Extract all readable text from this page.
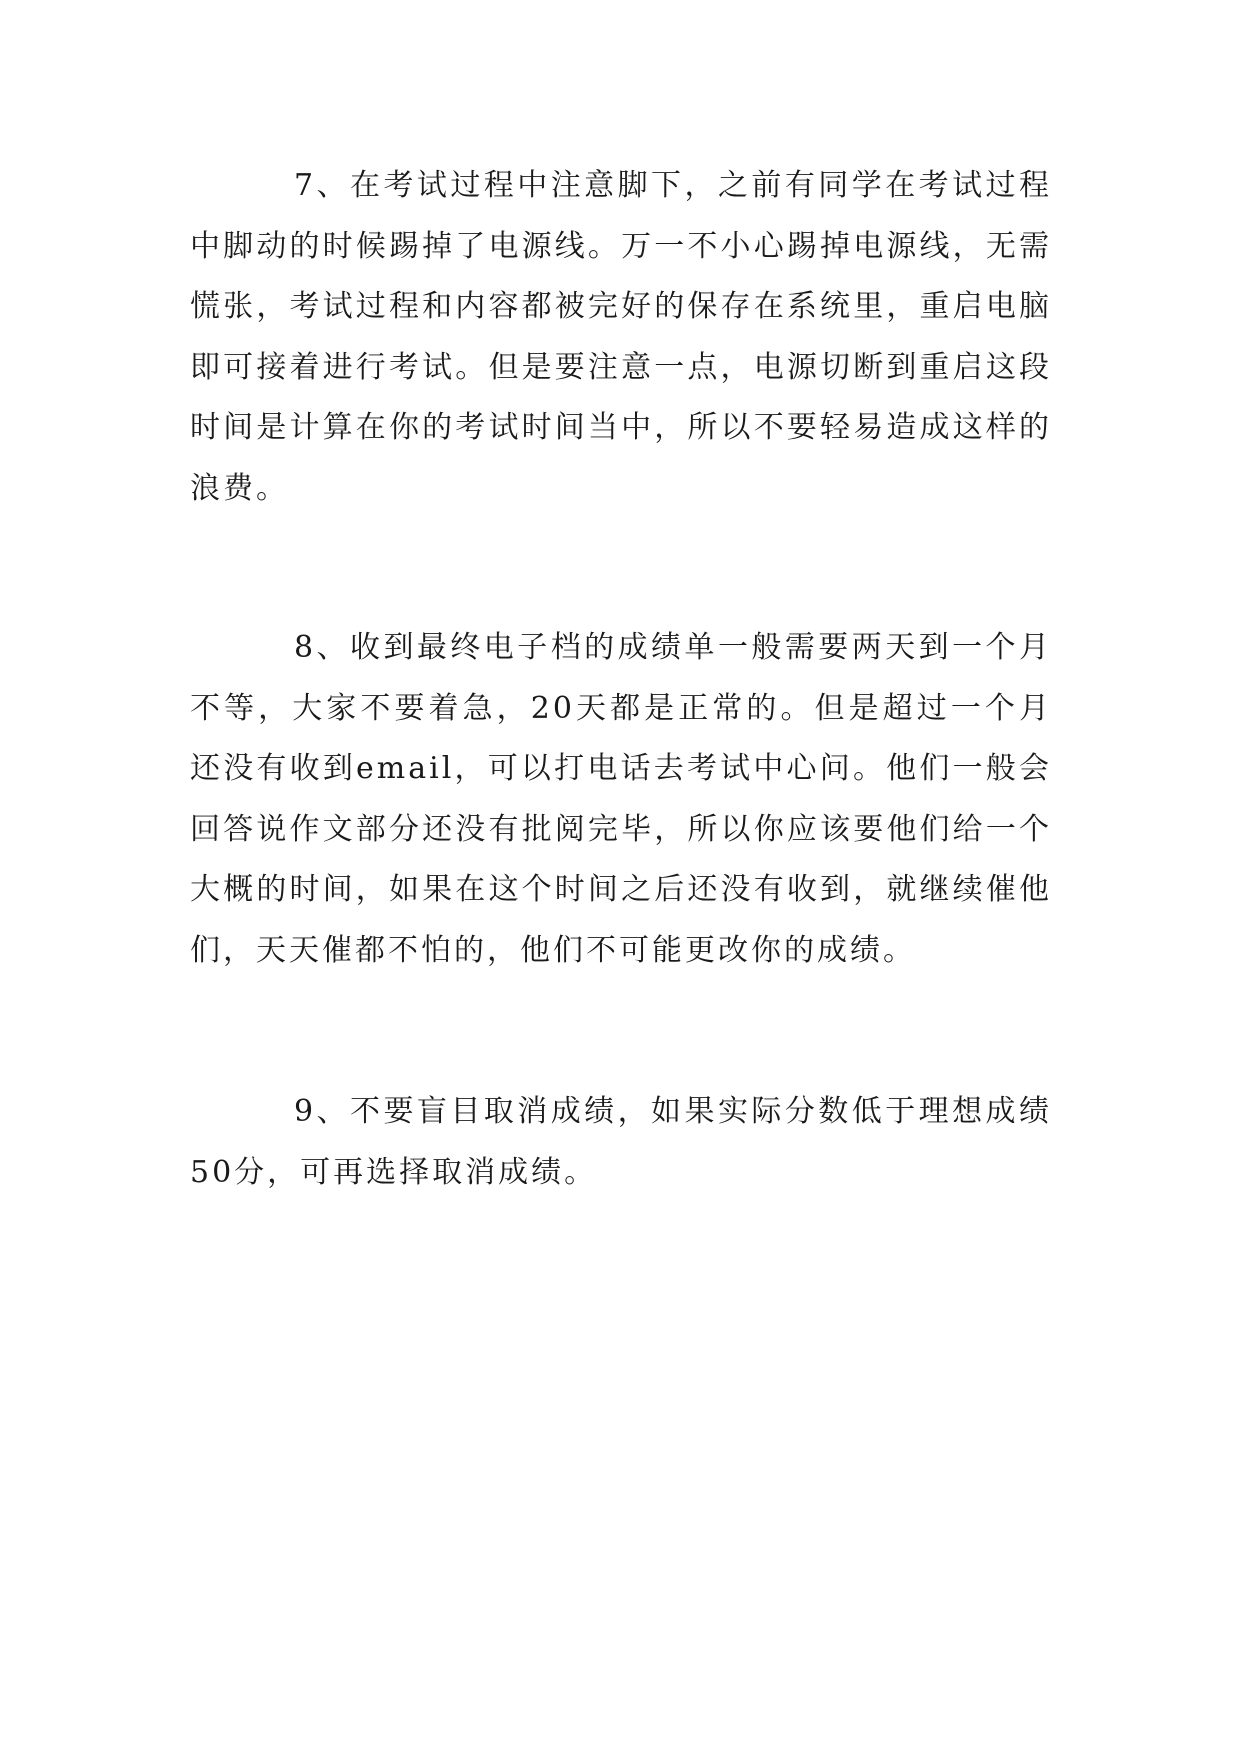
7、在考试过程中注意脚下，之前有同学在考试过程中脚动的时候踢掉了电源线。万一不小心踢掉电源线，无需慌张，考试过程和内容都被完好的保存在系统里，重启电脑即可接着进行考试。但是要注意一点，电源切断到重启这段时间是计算在你的考试时间当中，所以不要轻易造成这样的浪费。

8、收到最终电子档的成绩单一般需要两天到一个月不等，大家不要着急，20天都是正常的。但是超过一个月还没有收到email，可以打电话去考试中心问。他们一般会回答说作文部分还没有批阅完毕，所以你应该要他们给一个大概的时间，如果在这个时间之后还没有收到，就继续催他们，天天催都不怕的，他们不可能更改你的成绩。

9、不要盲目取消成绩，如果实际分数低于理想成绩50分，可再选择取消成绩。
